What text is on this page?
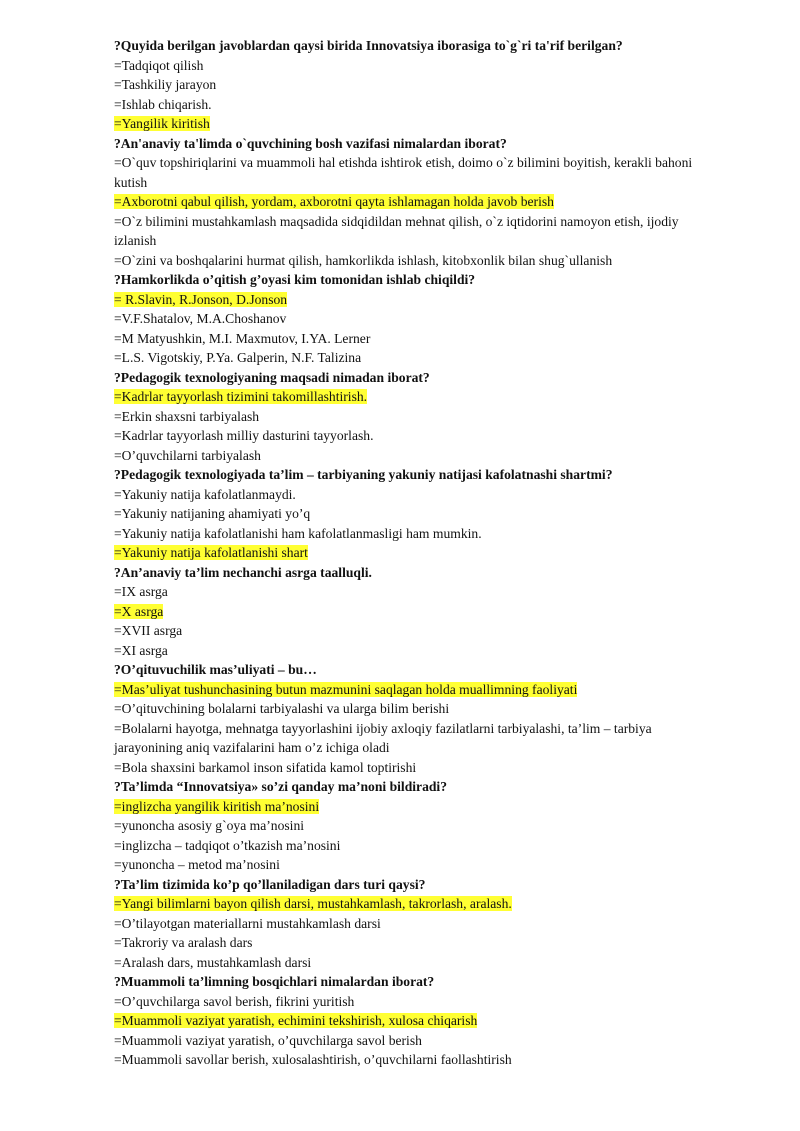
?Quyida berilgan javoblardan qaysi birida Innovatsiya iborasiga to`g`ri ta'rif berilgan?

=Tadqiqot qilish

=Tashkiliy jarayon

=Ishlab chiqarish.

=Yangilik kiritish

?An'anaviy ta'limda o`quvchining bosh vazifasi nimalardan iborat?

=O`quv topshiriqlarini va muammoli hal etishda ishtirok etish, doimo o`z bilimini boyitish, kerakli bahoni kutish

=Axborotni qabul qilish, yordam, axborotni qayta ishlamagan holda javob berish

=O`z bilimini mustahkamlash maqsadida sidqidildan mehnat qilish, o`z iqtidorini namoyon etish, ijodiy izlanish

=O`zini va boshqalarini hurmat qilish, hamkorlikda ishlash, kitobxonlik bilan shug`ullanish

?Hamkorlikda o’qitish g’oyasi kim tomonidan ishlab chiqildi?

= R.Slavin, R.Jonson, D.Jonson

=V.F.Shatalov, M.A.Choshanov

=M Matyushkin, M.I. Maxmutov, I.YA. Lerner

=L.S. Vigotskiy, P.Ya. Galperin, N.F. Talizina

?Pedagogik texnologiyaning maqsadi nimadan iborat?

=Kadrlar tayyorlash tizimini takomillashtirish.

=Erkin shaxsni tarbiyalash

=Kadrlar tayyorlash milliy dasturini tayyorlash.

=O’quvchilarni tarbiyalash

?Pedagogik texnologiyada ta’lim – tarbiyaning yakuniy natijasi kafolatnashi shartmi?

=Yakuniy natija kafolatlanmaydi.

=Yakuniy natijaning ahamiyati yo’q

=Yakuniy natija kafolatlanishi ham kafolatlanmasligi ham mumkin.

=Yakuniy natija kafolatlanishi shart

?An’anaviy ta’lim nechanchi asrga taalluqli.

=IX asrga

=X asrga

=XVII asrga

=XI asrga

?O’qituvuchilik mas’uliyati – bu…

=Mas’uliyat tushunchasining butun mazmunini saqlagan holda muallimning faoliyati

=O’qituvchining bolalarni tarbiyalashi va ularga bilim berishi

=Bolalarni hayotga, mehnatga tayyorlashini ijobiy axloqiy fazilatlarni tarbiyalashi, ta’lim – tarbiya jarayonining aniq vazifalarini ham o’z ichiga oladi

=Bola shaxsini barkamol inson sifatida kamol toptirishi

?Ta’limda “Innovatsiya» so’zi qanday ma’noni bildiradi?

=inglizcha yangilik kiritish ma’nosini

=yunoncha asosiy g`oya ma’nosini

=inglizcha – tadqiqot o’tkazish ma’nosini

=yunoncha – metod ma’nosini

?Ta’lim tizimida ko’p qo’llaniladigan dars turi qaysi?

=Yangi bilimlarni bayon qilish darsi, mustahkamlash, takrorlash, aralash.

=O’tilayotgan materiallarni mustahkamlash darsi

=Takroriy va aralash dars

=Aralash dars, mustahkamlash darsi

?Muammoli ta’limning bosqichlari nimalardan iborat?

=O’quvchilarga savol berish, fikrini yuritish

=Muammoli vaziyat yaratish, echimini tekshirish, xulosa chiqarish

=Muammoli vaziyat yaratish, o’quvchilarga savol berish

=Muammoli savollar berish, xulosalashtirish, o’quvchilarni faollashtirish
